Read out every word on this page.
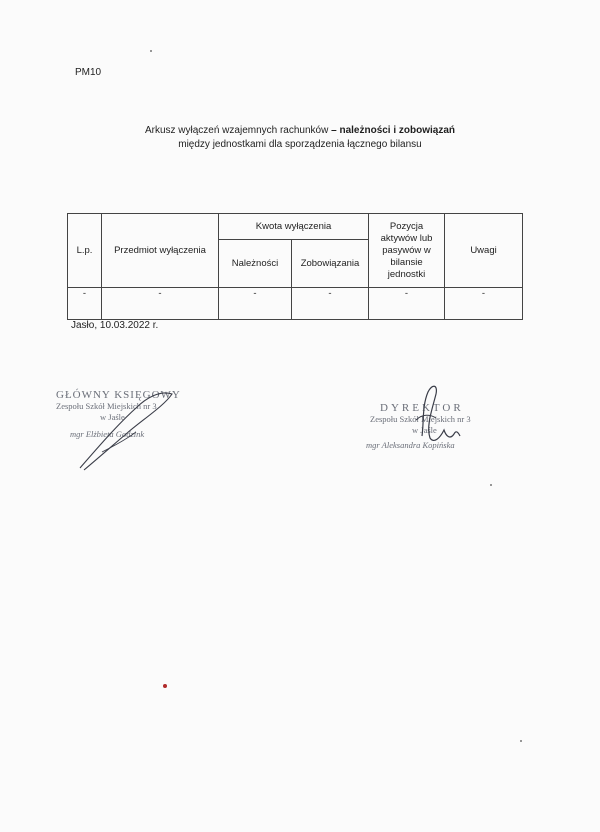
PM10
Arkusz wyłączeń wzajemnych rachunków – należności i zobowiązań
między jednostkami dla sporządzenia łącznego bilansu
L.p.	Przedmiot wyłączenia	Kwota wyłączenia		Pozycja aktywów lub pasywów w bilansie jednostki	Uwagi
		Należności	Zobowiązania		
-	-	-	-	-	-
Jasło, 10.03.2022 r.
GŁÓWNY KSIĘGOWY
Zespołu Szkół Miejskich nr 3
w Jaśle
mgr Elżbieta Godzink
DYREKTOR
Zespołu Szkół Miejskich nr 3
w Jaśle
mgr Aleksandra Kopińska
